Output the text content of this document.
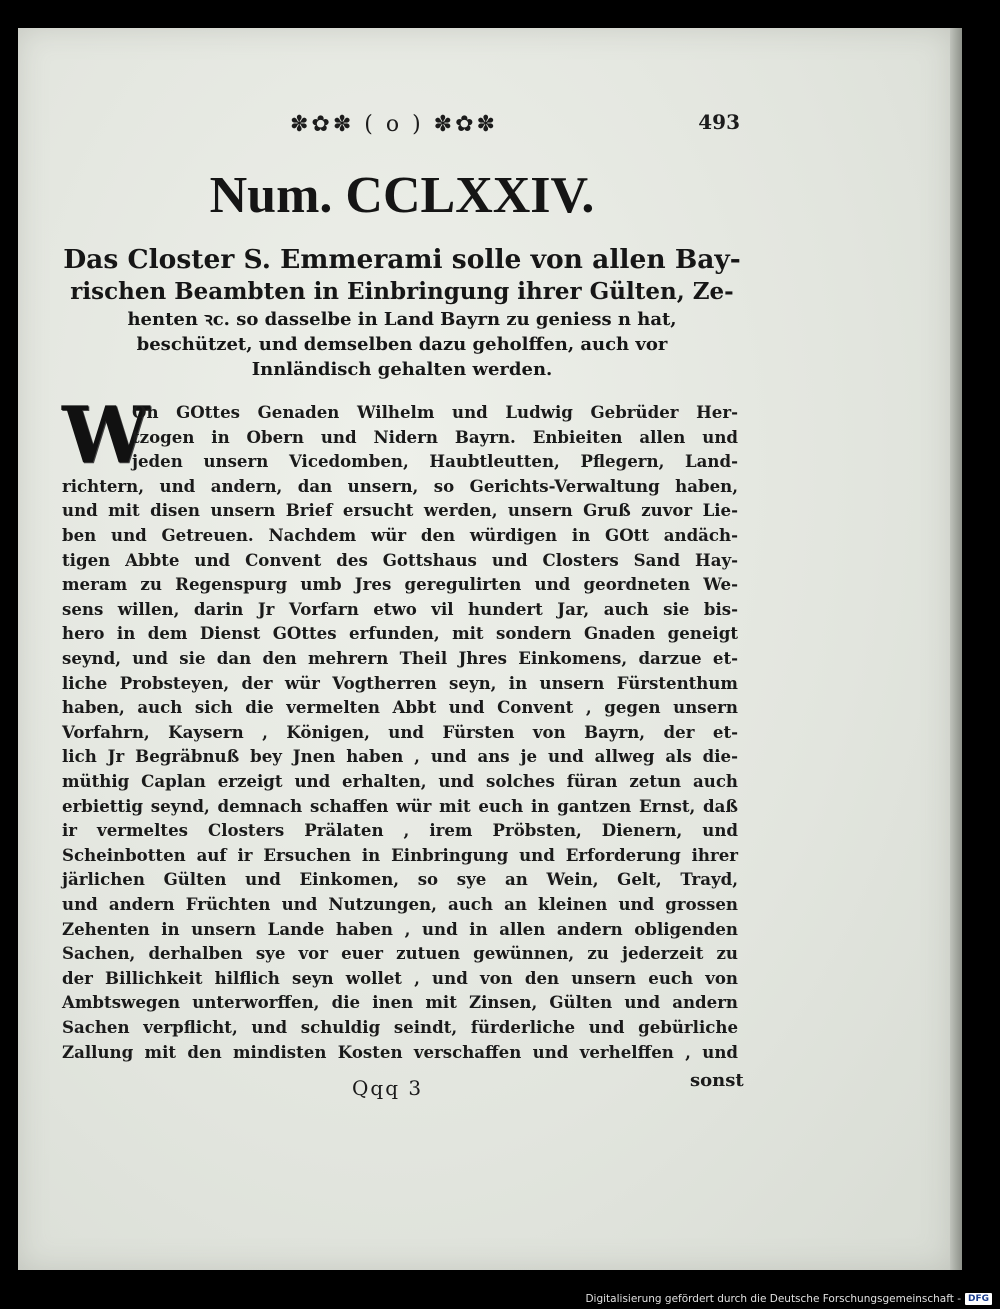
✽✿✽ ( o ) ✽✿✽	493
Num. CCLXXIV.
Das Closter S. Emmerami solle von allen Bay-
rischen Beambten in Einbringung ihrer Gülten, Ze-
henten ꝛc. so dasselbe in Land Bayrn zu geniess n hat,
beschützet, und demselben dazu geholffen, auch vor
Innländisch gehalten werden.
W
On GOttes Genaden Wilhelm und Ludwig Gebrüder Her-
tzogen in Obern und Nidern Bayrn. Enbieiten allen und
jeden unsern Vicedomben, Haubtleutten, Pflegern, Land-
richtern, und andern, dan unsern, so Gerichts-Verwaltung haben,
und mit disen unsern Brief ersucht werden, unsern Gruß zuvor Lie-
ben und Getreuen. Nachdem wür den würdigen in GOtt andäch-
tigen Abbte und Convent des Gottshaus und Closters Sand Hay-
meram zu Regenspurg umb Jres geregulirten und geordneten We-
sens willen, darin Jr Vorfarn etwo vil hundert Jar, auch sie bis-
hero in dem Dienst GOttes erfunden, mit sondern Gnaden geneigt
seynd, und sie dan den mehrern Theil Jhres Einkomens, darzue et-
liche Probsteyen, der wür Vogtherren seyn, in unsern Fürstenthum
haben, auch sich die vermelten Abbt und Convent , gegen unsern
Vorfahrn, Kaysern , Königen, und Fürsten von Bayrn, der et-
lich Jr Begräbnuß bey Jnen haben , und ans je und allweg als die-
müthig Caplan erzeigt und erhalten, und solches füran zetun auch
erbiettig seynd, demnach schaffen wür mit euch in gantzen Ernst, daß
ir vermeltes Closters Prälaten , irem Pröbsten, Dienern, und
Scheinbotten auf ir Ersuchen in Einbringung und Erforderung ihrer
järlichen Gülten und Einkomen, so sye an Wein, Gelt, Trayd,
und andern Früchten und Nutzungen, auch an kleinen und grossen
Zehenten in unsern Lande haben , und in allen andern obligenden
Sachen, derhalben sye vor euer zutuen gewünnen, zu jederzeit zu
der Billichkeit hilflich seyn wollet , und von den unsern euch von
Ambtswegen unterworffen, die inen mit Zinsen, Gülten und andern
Sachen verpflicht, und schuldig seindt, fürderliche und gebürliche
Zallung mit den mindisten Kosten verschaffen und verhelffen , und
Qqq 3	sonst
Digitalisierung gefördert durch die Deutsche Forschungsgemeinschaft - DFG
